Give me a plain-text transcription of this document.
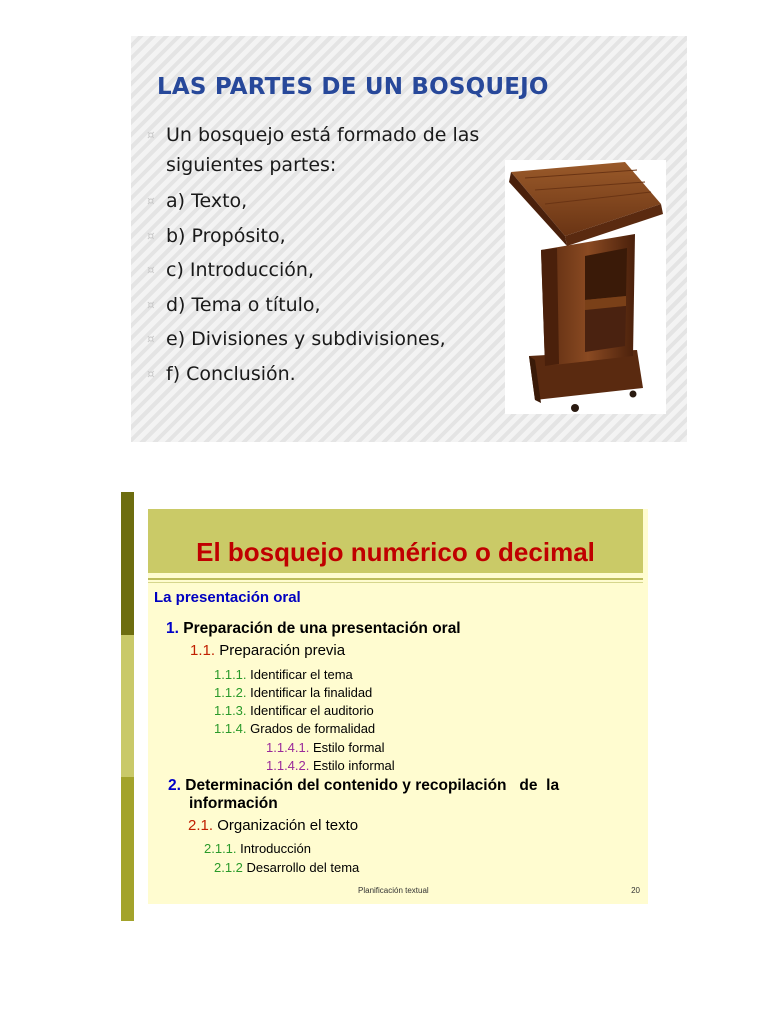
LAS PARTES DE UN BOSQUEJO
¤ Un bosquejo está formado de las siguientes partes:
¤ a) Texto,
¤ b) Propósito,
¤ c) Introducción,
¤ d) Tema o título,
¤ e) Divisiones y subdivisiones,
¤ f) Conclusión.
El bosquejo numérico o decimal
La presentación oral
1. Preparación de una presentación oral
1.1. Preparación previa
1.1.1. Identificar el tema
1.1.2. Identificar la finalidad
1.1.3. Identificar el auditorio
1.1.4. Grados de formalidad
1.1.4.1. Estilo formal
1.1.4.2. Estilo informal
2. Determinación del contenido y recopilación   de  la
información
2.1. Organización el texto
2.1.1. Introducción
2.1.2 Desarrollo del tema
Planificación textual	20
